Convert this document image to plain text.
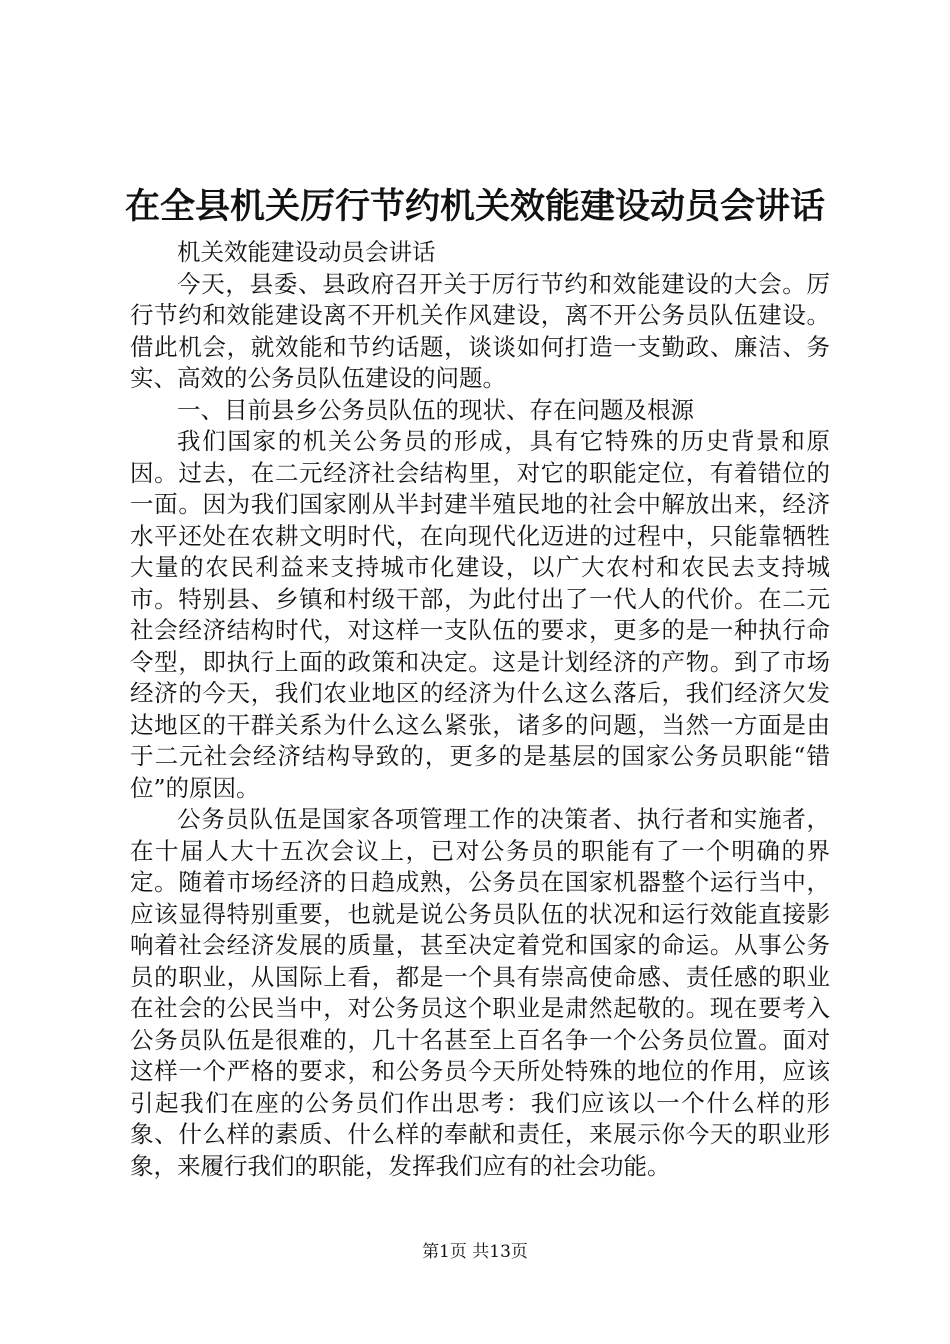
在全县机关厉行节约机关效能建设动员会讲话

机关效能建设动员会讲话

今天，县委、县政府召开关于厉行节约和效能建设的大会。厉行节约和效能建设离不开机关作风建设，离不开公务员队伍建设。借此机会，就效能和节约话题，谈谈如何打造一支勤政、廉洁、务实、高效的公务员队伍建设的问题。

一、目前县乡公务员队伍的现状、存在问题及根源

我们国家的机关公务员的形成，具有它特殊的历史背景和原因。过去，在二元经济社会结构里，对它的职能定位，有着错位的一面。因为我们国家刚从半封建半殖民地的社会中解放出来，经济水平还处在农耕文明时代，在向现代化迈进的过程中，只能靠牺牲大量的农民利益来支持城市化建设，以广大农村和农民去支持城市。特别县、乡镇和村级干部，为此付出了一代人的代价。在二元社会经济结构时代，对这样一支队伍的要求，更多的是一种执行命令型，即执行上面的政策和决定。这是计划经济的产物。到了市场经济的今天，我们农业地区的经济为什么这么落后，我们经济欠发达地区的干群关系为什么这么紧张，诸多的问题，当然一方面是由于二元社会经济结构导致的，更多的是基层的国家公务员职能“错位”的原因。

公务员队伍是国家各项管理工作的决策者、执行者和实施者，在十届人大十五次会议上，已对公务员的职能有了一个明确的界定。随着市场经济的日趋成熟，公务员在国家机器整个运行当中，应该显得特别重要，也就是说公务员队伍的状况和运行效能直接影响着社会经济发展的质量，甚至决定着党和国家的命运。从事公务员的职业，从国际上看，都是一个具有崇高使命感、责任感的职业在社会的公民当中，对公务员这个职业是肃然起敬的。现在要考入公务员队伍是很难的，几十名甚至上百名争一个公务员位置。面对这样一个严格的要求，和公务员今天所处特殊的地位的作用，应该引起我们在座的公务员们作出思考：我们应该以一个什么样的形象、什么样的素质、什么样的奉献和责任，来展示你今天的职业形象，来履行我们的职能，发挥我们应有的社会功能。

第1页 共13页
